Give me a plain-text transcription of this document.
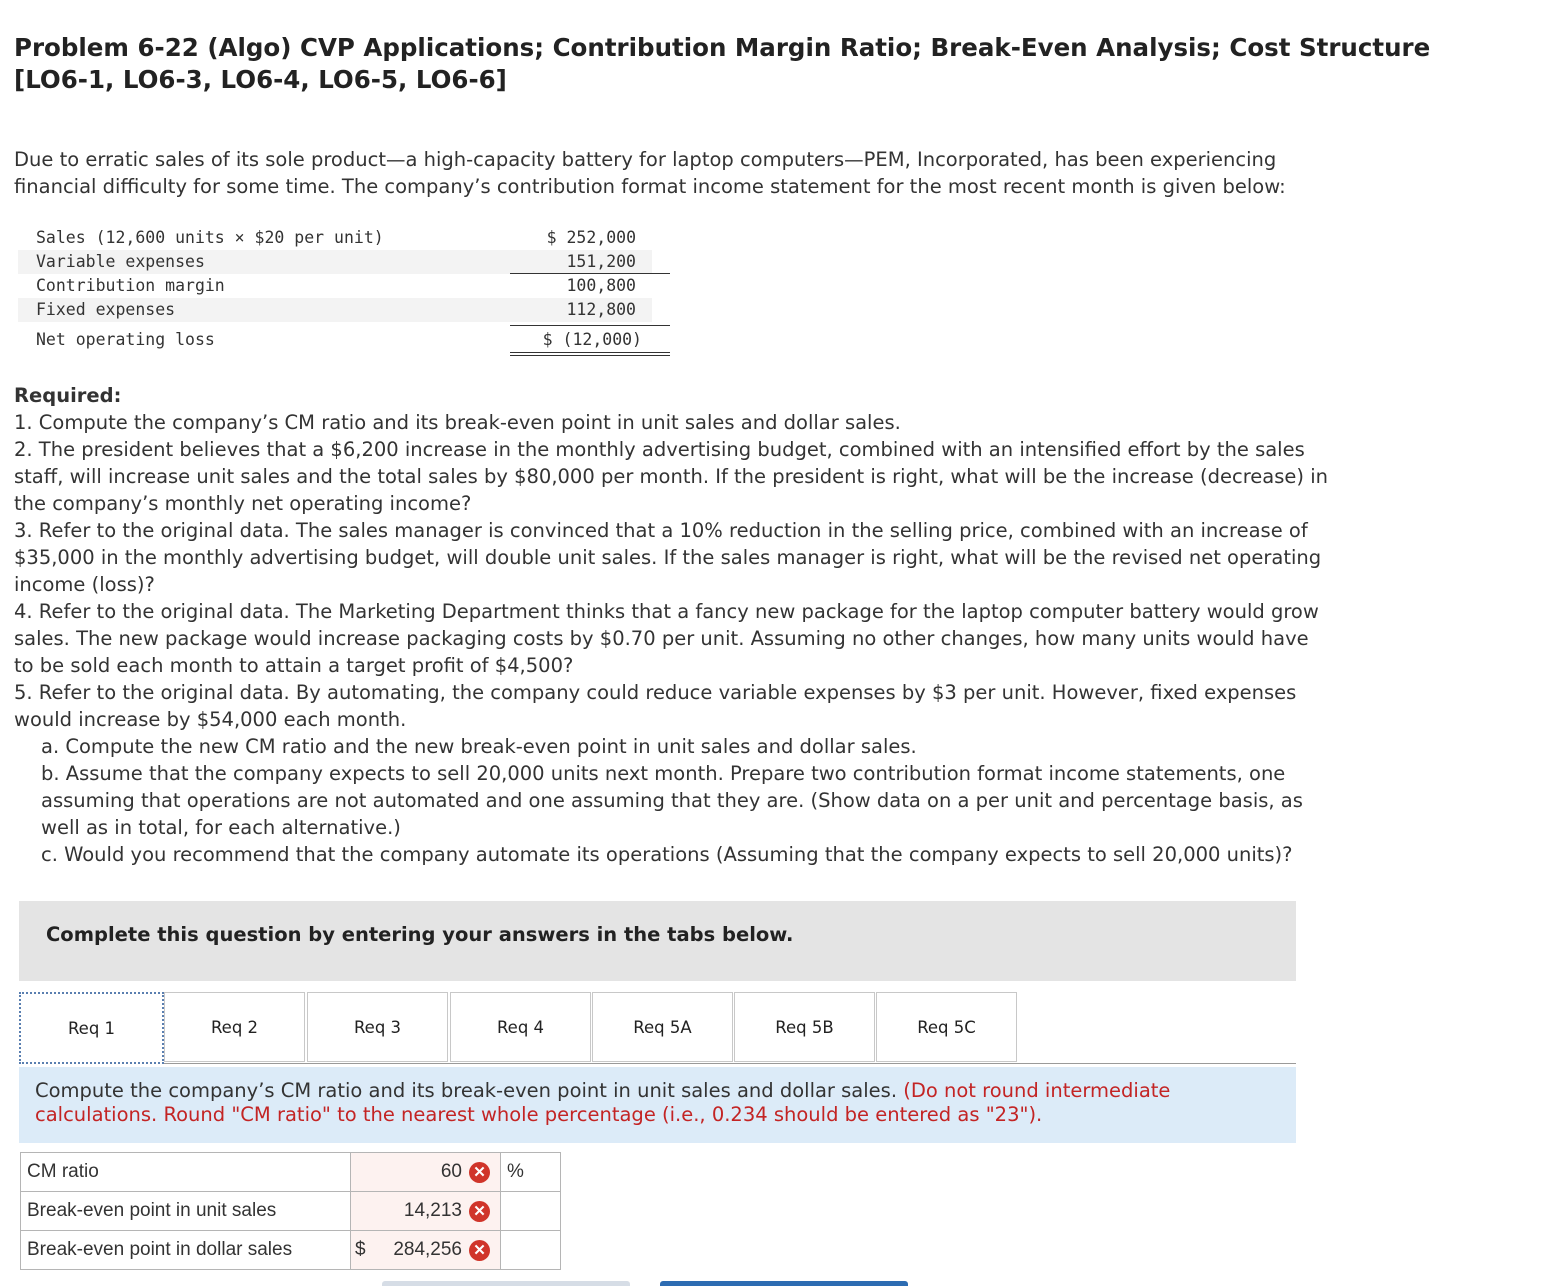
Problem 6-22 (Algo) CVP Applications; Contribution Margin Ratio; Break-Even Analysis; Cost Structure
[LO6-1, LO6-3, LO6-4, LO6-5, LO6-6]
Due to erratic sales of its sole product—a high-capacity battery for laptop computers—PEM, Incorporated, has been experiencing
financial difficulty for some time. The company’s contribution format income statement for the most recent month is given below:
Sales (12,600 units × $20 per unit)	$ 252,000
Variable expenses	151,200
Contribution margin	100,800
Fixed expenses	112,800
Net operating loss	$ (12,000)
Required:
1. Compute the company’s CM ratio and its break-even point in unit sales and dollar sales.
2. The president believes that a $6,200 increase in the monthly advertising budget, combined with an intensified effort by the sales
staff, will increase unit sales and the total sales by $80,000 per month. If the president is right, what will be the increase (decrease) in
the company’s monthly net operating income?
3. Refer to the original data. The sales manager is convinced that a 10% reduction in the selling price, combined with an increase of
$35,000 in the monthly advertising budget, will double unit sales. If the sales manager is right, what will be the revised net operating
income (loss)?
4. Refer to the original data. The Marketing Department thinks that a fancy new package for the laptop computer battery would grow
sales. The new package would increase packaging costs by $0.70 per unit. Assuming no other changes, how many units would have
to be sold each month to attain a target profit of $4,500?
5. Refer to the original data. By automating, the company could reduce variable expenses by $3 per unit. However, fixed expenses
would increase by $54,000 each month.
a. Compute the new CM ratio and the new break-even point in unit sales and dollar sales.
b. Assume that the company expects to sell 20,000 units next month. Prepare two contribution format income statements, one
assuming that operations are not automated and one assuming that they are. (Show data on a per unit and percentage basis, as
well as in total, for each alternative.)
c. Would you recommend that the company automate its operations (Assuming that the company expects to sell 20,000 units)?
Complete this question by entering your answers in the tabs below.
Req 1	Req 2	Req 3	Req 4	Req 5A	Req 5B	Req 5C
Compute the company’s CM ratio and its break-even point in unit sales and dollar sales. (Do not round intermediate
calculations. Round "CM ratio" to the nearest whole percentage (i.e., 0.234 should be entered as "23").
CM ratio	60 ✕	%
Break-even point in unit sales	14,213 ✕	

Break-even point in dollar sales	$ 284,256 ✕	
